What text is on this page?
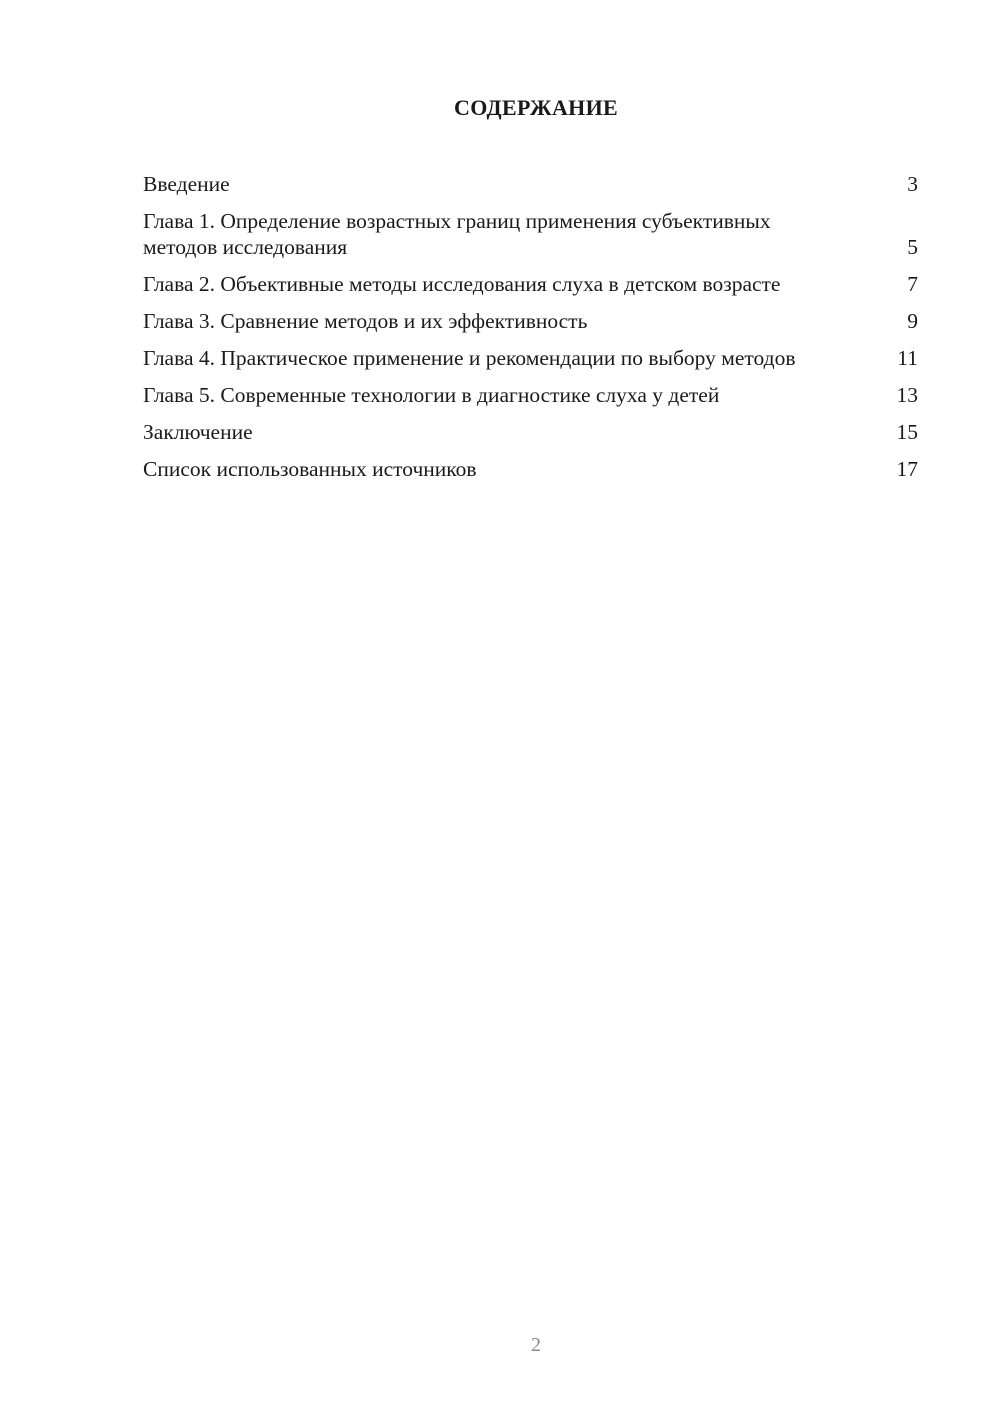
СОДЕРЖАНИЕ
Введение	3
Глава 1. Определение возрастных границ применения субъективных методов исследования	5
Глава 2. Объективные методы исследования слуха в детском возрасте	7
Глава 3. Сравнение методов и их эффективность	9
Глава 4. Практическое применение и рекомендации по выбору методов	11
Глава 5. Современные технологии в диагностике слуха у детей	13
Заключение	15
Список использованных источников	17
2
